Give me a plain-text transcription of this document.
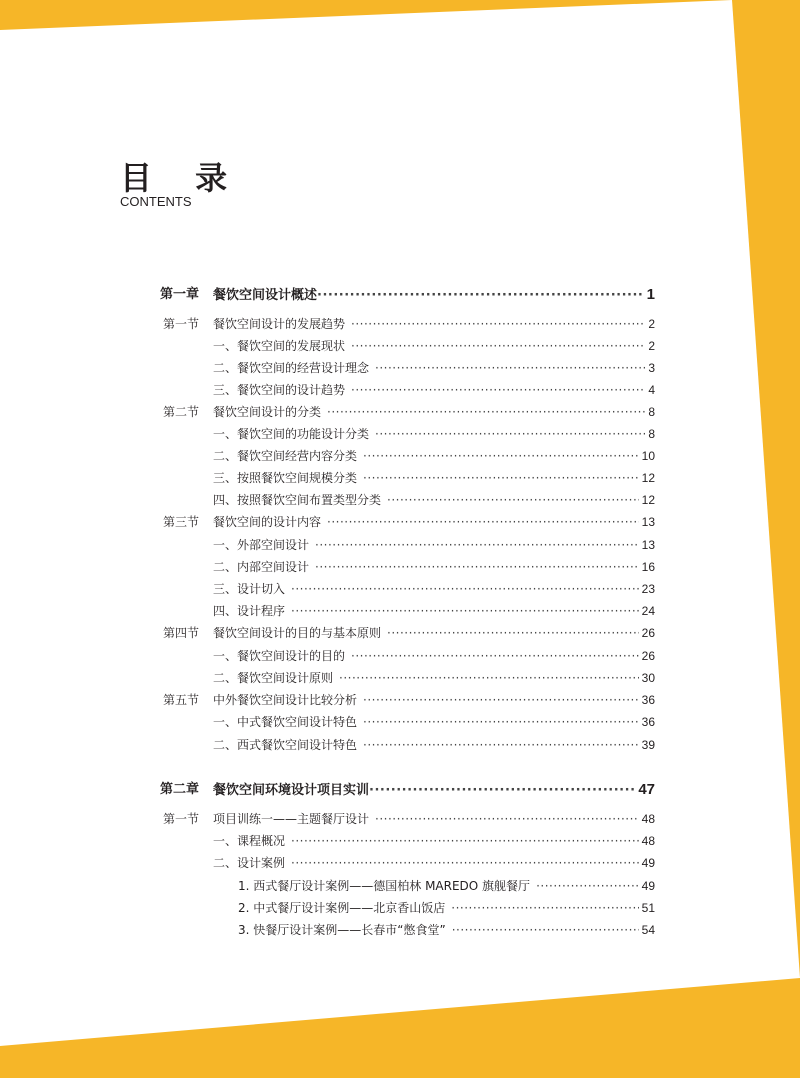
目 录
CONTENTS
第一章 餐饮空间设计概述 ·····	1
第一节 餐饮空间设计的发展趋势 ·····	2
一、餐饮空间的发展现状 ·····	2
二、餐饮空间的经营设计理念 ·····	3
三、餐饮空间的设计趋势 ·····	4
第二节 餐饮空间设计的分类 ·····	8
一、餐饮空间的功能设计分类 ·····	8
二、餐饮空间经营内容分类 ·····	10
三、按照餐饮空间规模分类 ·····	12
四、按照餐饮空间布置类型分类 ·····	12
第三节 餐饮空间的设计内容 ·····	13
一、外部空间设计 ·····	13
二、内部空间设计 ·····	16
三、设计切入 ·····	23
四、设计程序 ·····	24
第四节 餐饮空间设计的目的与基本原则 ·····	26
一、餐饮空间设计的目的 ·····	26
二、餐饮空间设计原则 ·····	30
第五节 中外餐饮空间设计比较分析 ·····	36
一、中式餐饮空间设计特色 ·····	36
二、西式餐饮空间设计特色 ·····	39
第二章 餐饮空间环境设计项目实训 ·····	47
第一节 项目训练一——主题餐厅设计 ·····	48
一、课程概况 ·····	48
二、设计案例 ·····	49
1. 西式餐厅设计案例——德国柏林 MAREDO 旗舰餐厅 ·····	49
2. 中式餐厅设计案例——北京香山饭店 ·····	51
3. 快餐厅设计案例——长春市“憋食堂” ·····	54
